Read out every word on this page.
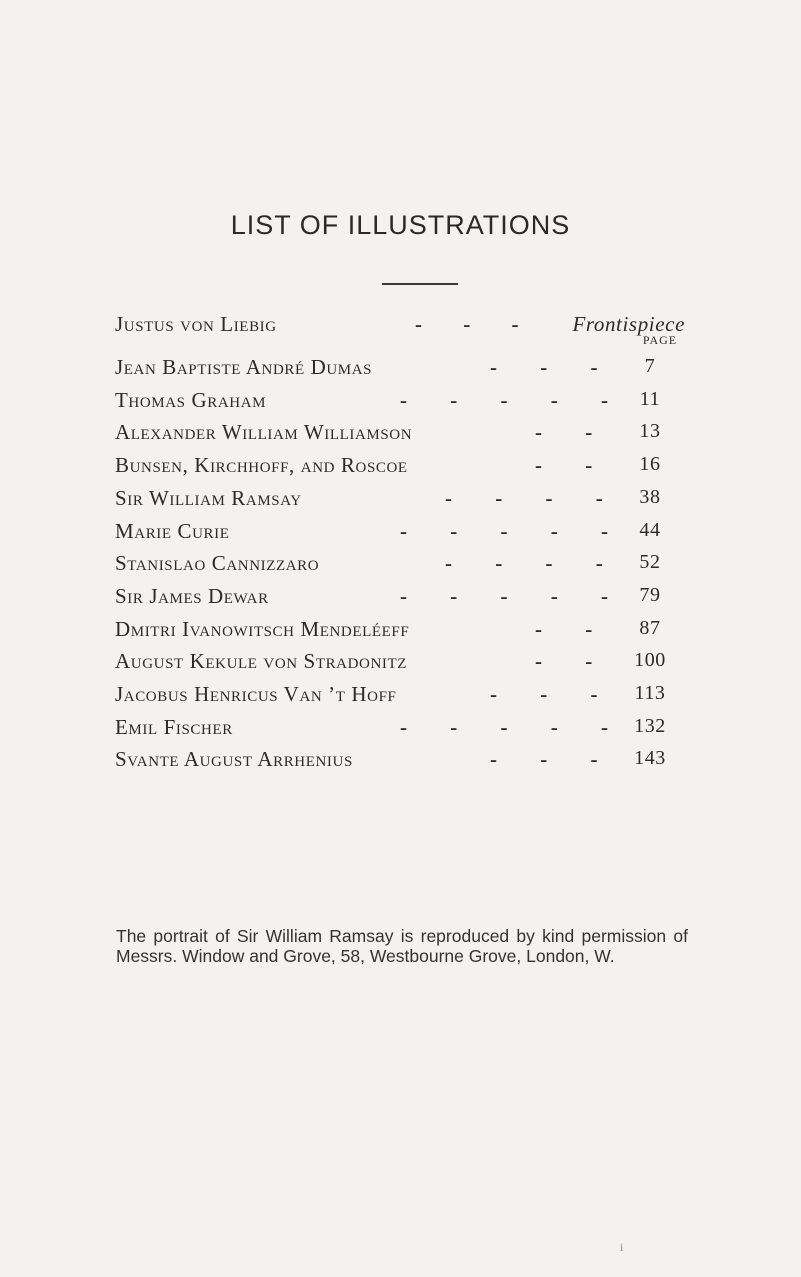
LIST OF ILLUSTRATIONS
Justus von Liebig	- - - Frontispiece
PAGE
Jean Baptiste André Dumas	- - -	7
Thomas Graham	- - - - - 11
Alexander William Williamson	- -	13
Bunsen, Kirchhoff, and Roscoe	- -	16
Sir William Ramsay	- - - - 38
Marie Curie	- - - - - 44
Stanislao Cannizzaro	- - - - 52
Sir James Dewar	- - - - - 79
Dmitri Ivanowitsch Mendeléeff	- -	87
August Kekule von Stradonitz	- -	100
Jacobus Henricus Van ’t Hoff	- - - 113
Emil Fischer	- - - - - 132
Svante August Arrhenius	- - - 143
The portrait of Sir William Ramsay is reproduced by kind permission of Messrs. Window and Grove, 58, Westbourne Grove, London, W.
i
